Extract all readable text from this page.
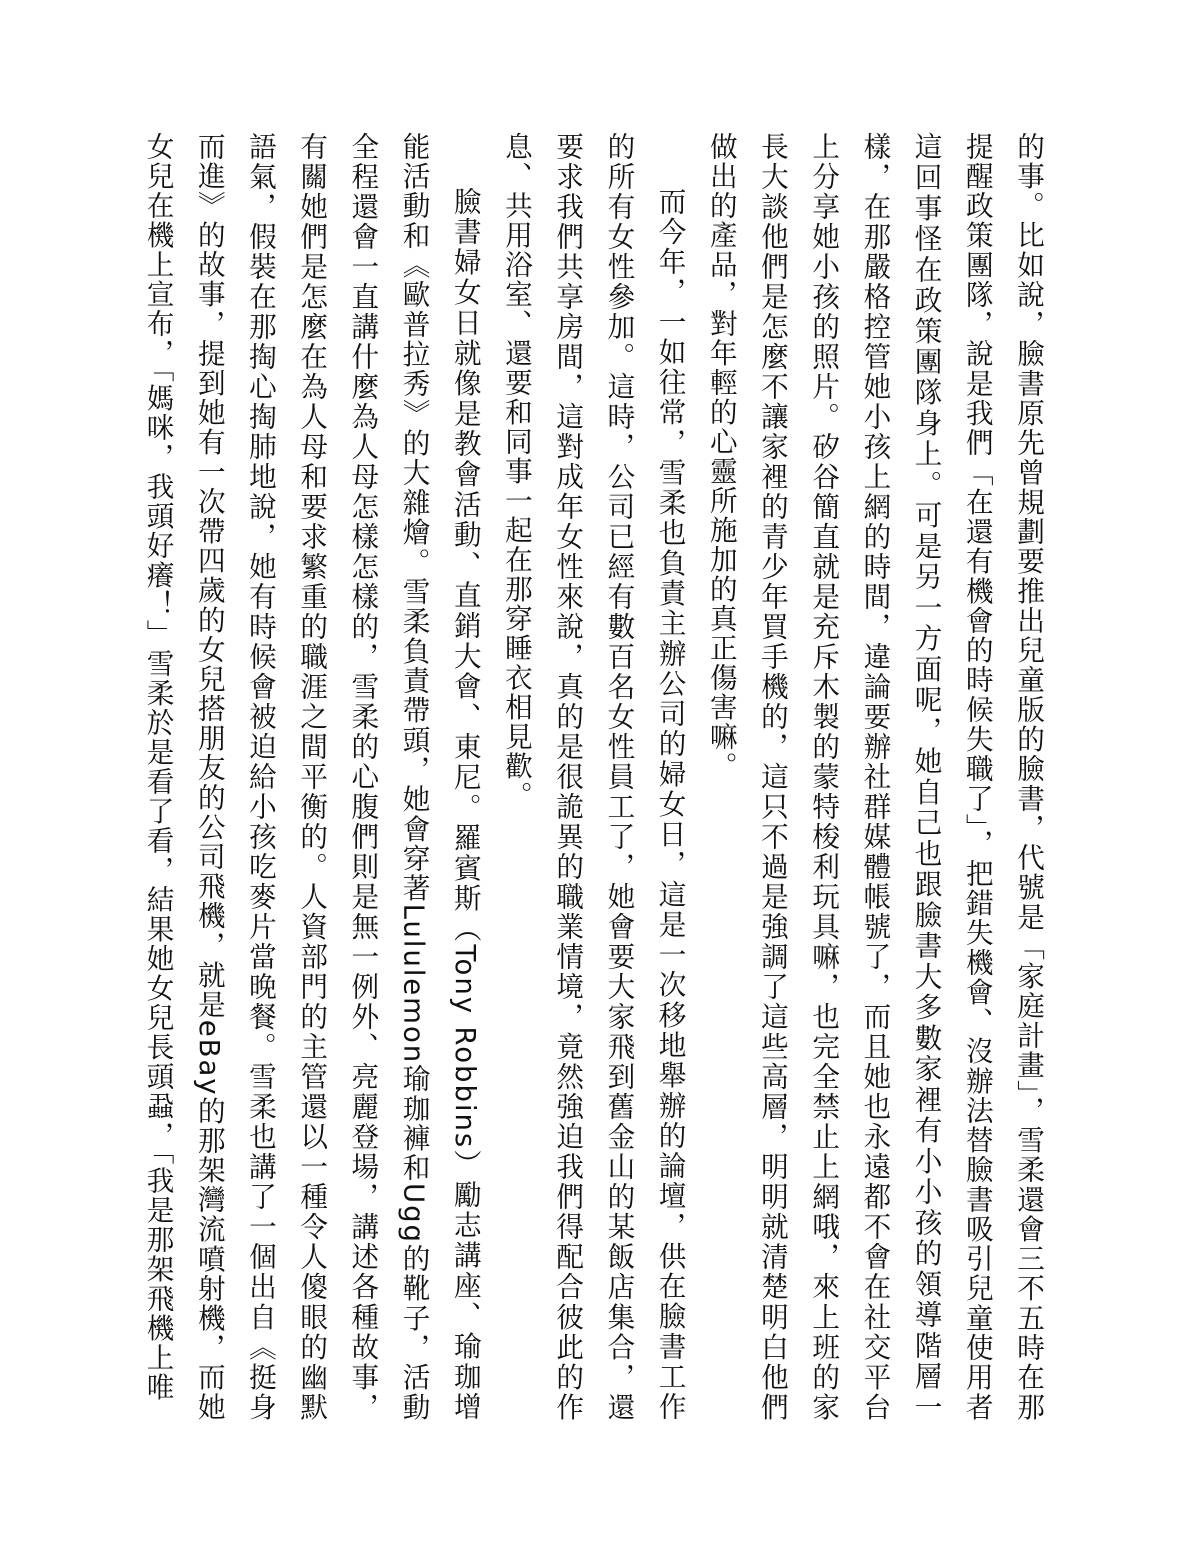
的事。比如說，臉書原先曾規劃要推出兒童版的臉書，代號是「家庭計畫」，雪柔還會三不五時在那提醒政策團隊，說是我們「在還有機會的時候失職了」，把錯失機會、沒辦法替臉書吸引兒童使用者這回事怪在政策團隊身上。可是另一方面呢，她自己也跟臉書大多數家裡有小小孩的領導階層一樣，在那嚴格控管她小孩上網的時間，違論要辦社群媒體帳號了，而且她也永遠都不會在社交平台上分享她小孩的照片。矽谷簡直就是充斥木製的蒙特梭利玩具嘛，也完全禁止上網哦，來上班的家長大談他們是怎麼不讓家裡的青少年買手機的，這只不過是強調了這些高層，明明就清楚明白他們做出的產品，對年輕的心靈所施加的真正傷害嘛。

而今年，一如往常，雪柔也負責主辦公司的婦女日，這是一次移地舉辦的論壇，供在臉書工作的所有女性參加。這時，公司已經有數百名女性員工了，她會要大家飛到舊金山的某飯店集合，還要求我們共享房間，這對成年女性來說，真的是很詭異的職業情境，竟然強迫我們得配合彼此的作息、共用浴室、還要和同事一起在那穿睡衣相見歡。

臉書婦女日就像是教會活動、直銷大會、東尼。羅賓斯（Tony Robbins）勵志講座、瑜珈增能活動和《歐普拉秀》的大雜燴。雪柔負責帶頭，她會穿著Lululemon瑜珈褲和Ugg的靴子，活動全程還會一直講什麼為人母怎樣怎樣的，雪柔的心腹們則是無一例外、亮麗登場，講述各種故事，有關她們是怎麼在為人母和要求繁重的職涯之間平衡的。人資部門的主管還以一種令人傻眼的幽默語氣，假裝在那掏心掏肺地說，她有時候會被迫給小孩吃麥片當晚餐。雪柔也講了一個出自《挺身而進》的故事，提到她有一次帶四歲的女兒搭朋友的公司飛機，就是eBay的那架灣流噴射機，而她女兒在機上宣布，「媽咪，我頭好癢！」雪柔於是看了看，結果她女兒長頭蝨，「我是那架飛機上唯
